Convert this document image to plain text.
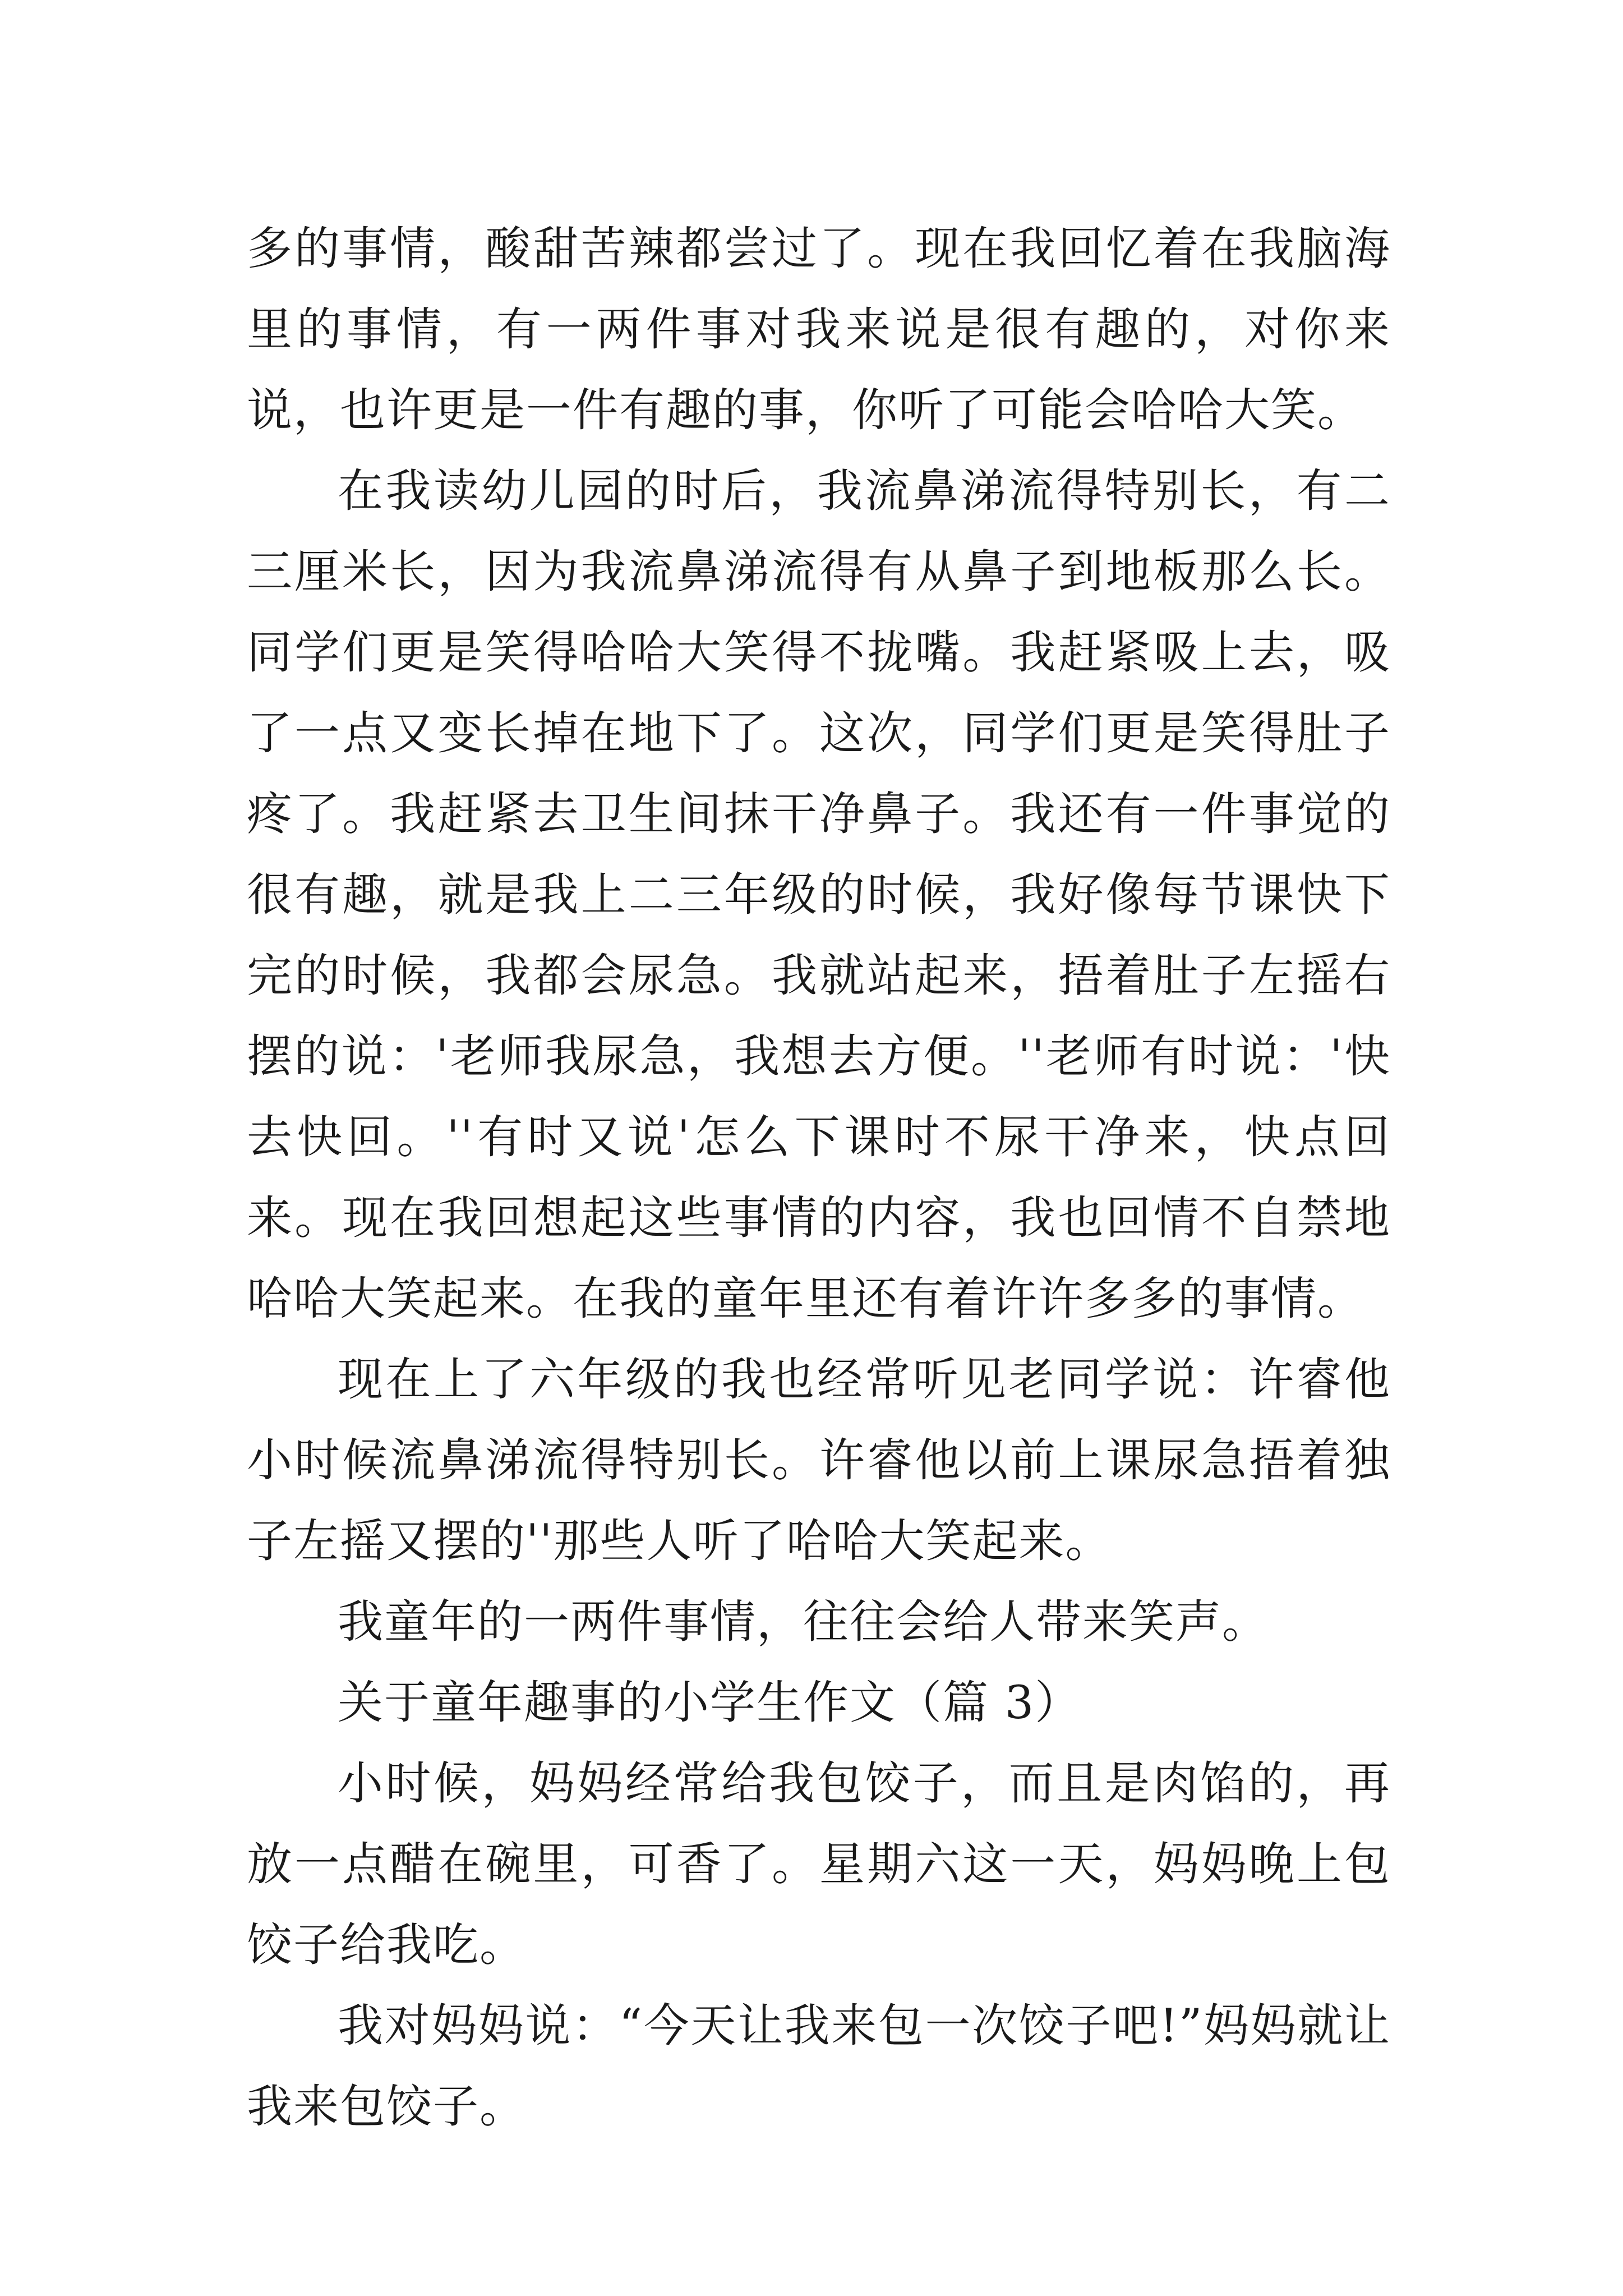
多的事情，酸甜苦辣都尝过了。现在我回忆着在我脑海里的事情，有一两件事对我来说是很有趣的，对你来说，也许更是一件有趣的事，你听了可能会哈哈大笑。

在我读幼儿园的时后，我流鼻涕流得特别长，有二三厘米长，因为我流鼻涕流得有从鼻子到地板那么长。同学们更是笑得哈哈大笑得不拢嘴。我赶紧吸上去，吸了一点又变长掉在地下了。这次，同学们更是笑得肚子疼了。我赶紧去卫生间抹干净鼻子。我还有一件事觉的很有趣，就是我上二三年级的时候，我好像每节课快下完的时候，我都会尿急。我就站起来，捂着肚子左摇右摆的说：'老师我尿急，我想去方便。''老师有时说：'快去快回。''有时又说'怎么下课时不尿干净来，快点回来。现在我回想起这些事情的内容，我也回情不自禁地哈哈大笑起来。在我的童年里还有着许许多多的事情。

现在上了六年级的我也经常听见老同学说：许睿他小时候流鼻涕流得特别长。许睿他以前上课尿急捂着独子左摇又摆的''那些人听了哈哈大笑起来。

我童年的一两件事情，往往会给人带来笑声。

关于童年趣事的小学生作文（篇 3）

小时候，妈妈经常给我包饺子，而且是肉馅的，再放一点醋在碗里，可香了。星期六这一天，妈妈晚上包饺子给我吃。

我对妈妈说：“今天让我来包一次饺子吧!”妈妈就让我来包饺子。
